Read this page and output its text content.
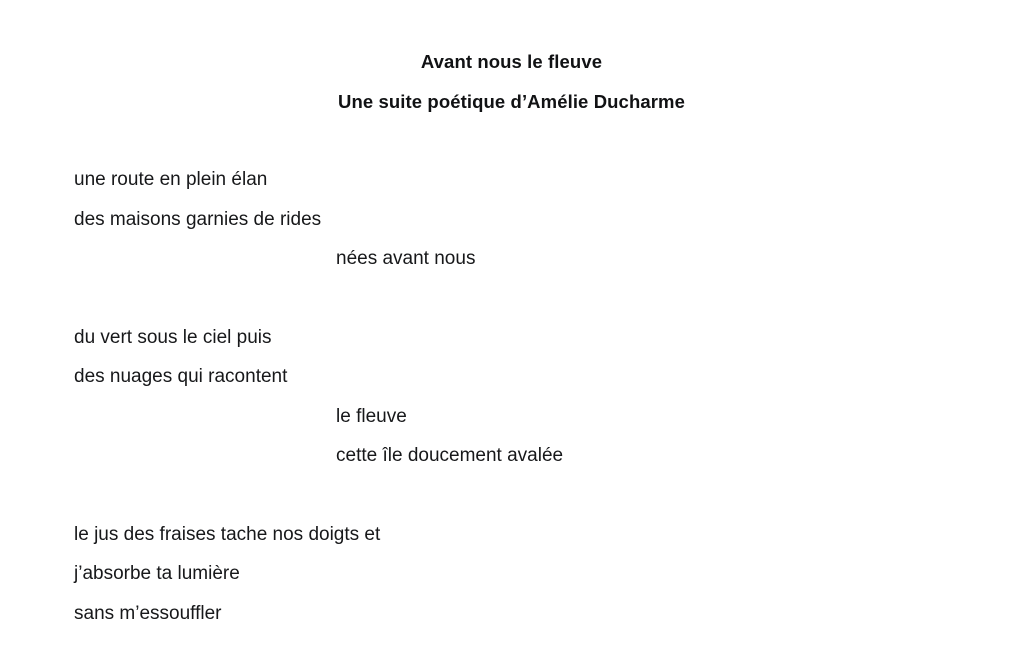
Avant nous le fleuve
Une suite poétique d’Amélie Ducharme
une route en plein élan
des maisons garnies de rides
nées avant nous
du vert sous le ciel puis
des nuages qui racontent
le fleuve
cette île doucement avalée
le jus des fraises tache nos doigts et
j’absorbe ta lumière
sans m’essouffler
